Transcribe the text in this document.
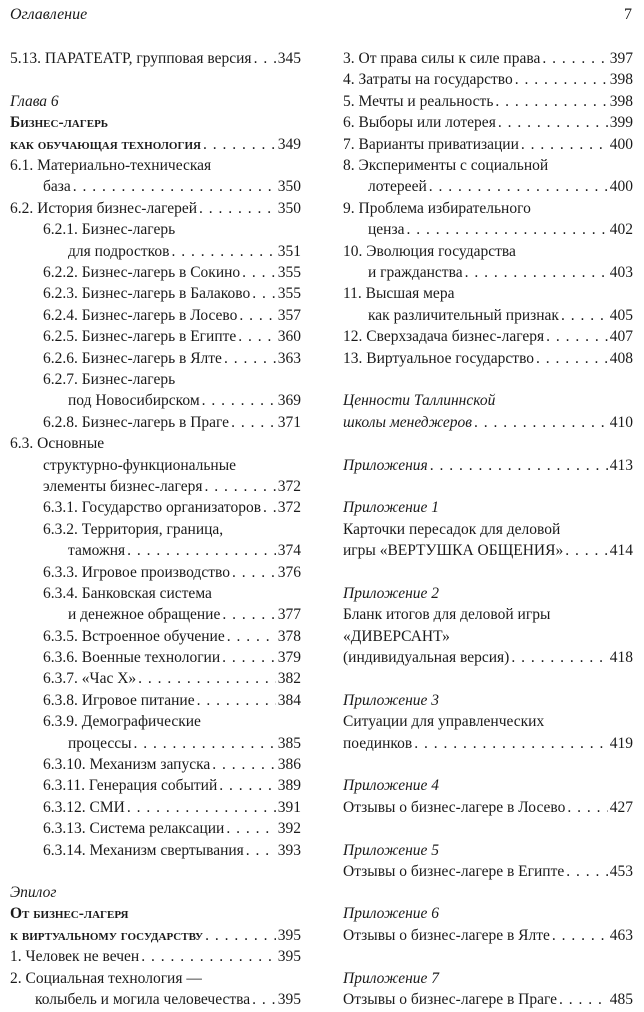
Оглавление	7
5.13. ПАРАТЕАТР, групповая версия . . . 345
Глава 6
Бизнес-лагерь
как обучающая технология . . .	349
6.1. Материально-техническая
база . . .	350
6.2. История бизнес-лагерей . . .	350
6.2.1. Бизнес-лагерь
для подростков . . .	351
6.2.2. Бизнес-лагерь в Сокино . . . 355
6.2.3. Бизнес-лагерь в Балаково . . . 355
6.2.4. Бизнес-лагерь в Лосево . . .	357
6.2.5. Бизнес-лагерь в Египте . . .	360
6.2.6. Бизнес-лагерь в Ялте . . .	363
6.2.7. Бизнес-лагерь
под Новосибирском . . .	369
6.2.8. Бизнес-лагерь в Праге . . .	371
6.3. Основные
структурно-функциональные
элементы бизнес-лагеря . . .	372
6.3.1. Государство организаторов . . . 372
6.3.2. Территория, граница,
таможня . . .	374
6.3.3. Игровое производство . . .	376
6.3.4. Банковская система
и денежное обращение . . .	377
6.3.5. Встроенное обучение . . .	378
6.3.6. Военные технологии . . .	379
6.3.7. «Час Х» . . .	382
6.3.8. Игровое питание . . .	384
6.3.9. Демографические
процессы . . .	385
6.3.10. Механизм запуска . . .	386
6.3.11. Генерация событий . . .	389
6.3.12. СМИ . . .	391
6.3.13. Система релаксации . . .	392
6.3.14. Механизм свертывания . . . 393
Эпилог
От бизнес-лагеря
к виртуальному государству . . .	395
1. Человек не вечен . . .	395
2. Социальная технология —
колыбель и могила человечества . . . 395
3. От права силы к силе права . . .	397
4. Затраты на государство . . .	398
5. Мечты и реальность . . .	398
6. Выборы или лотерея . . .	399
7. Варианты приватизации . . .	400
8. Эксперименты с социальной
лотереей . . .	400
9. Проблема избирательного
ценза . . .	402
10. Эволюция государства
и гражданства . . .	403
11. Высшая мера
как различительный признак . . .	405
12. Сверхзадача бизнес-лагеря . . .	407
13. Виртуальное государство . . .	408
Ценности Таллиннской
школы менеджеров . . .	410
Приложения . . .	413
Приложение 1
Карточки пересадок для деловой
игры «ВЕРТУШКА ОБЩЕНИЯ» . . .	414
Приложение 2
Бланк итогов для деловой игры
«ДИВЕРСАНТ»
(индивидуальная версия) . . .	418
Приложение 3
Ситуации для управленческих
поединков . . .	419
Приложение 4
Отзывы о бизнес-лагере в Лосево . . .	427
Приложение 5
Отзывы о бизнес-лагере в Египте . . .	453
Приложение 6
Отзывы о бизнес-лагере в Ялте . . .	463
Приложение 7
Отзывы о бизнес-лагере в Праге . . .	485
